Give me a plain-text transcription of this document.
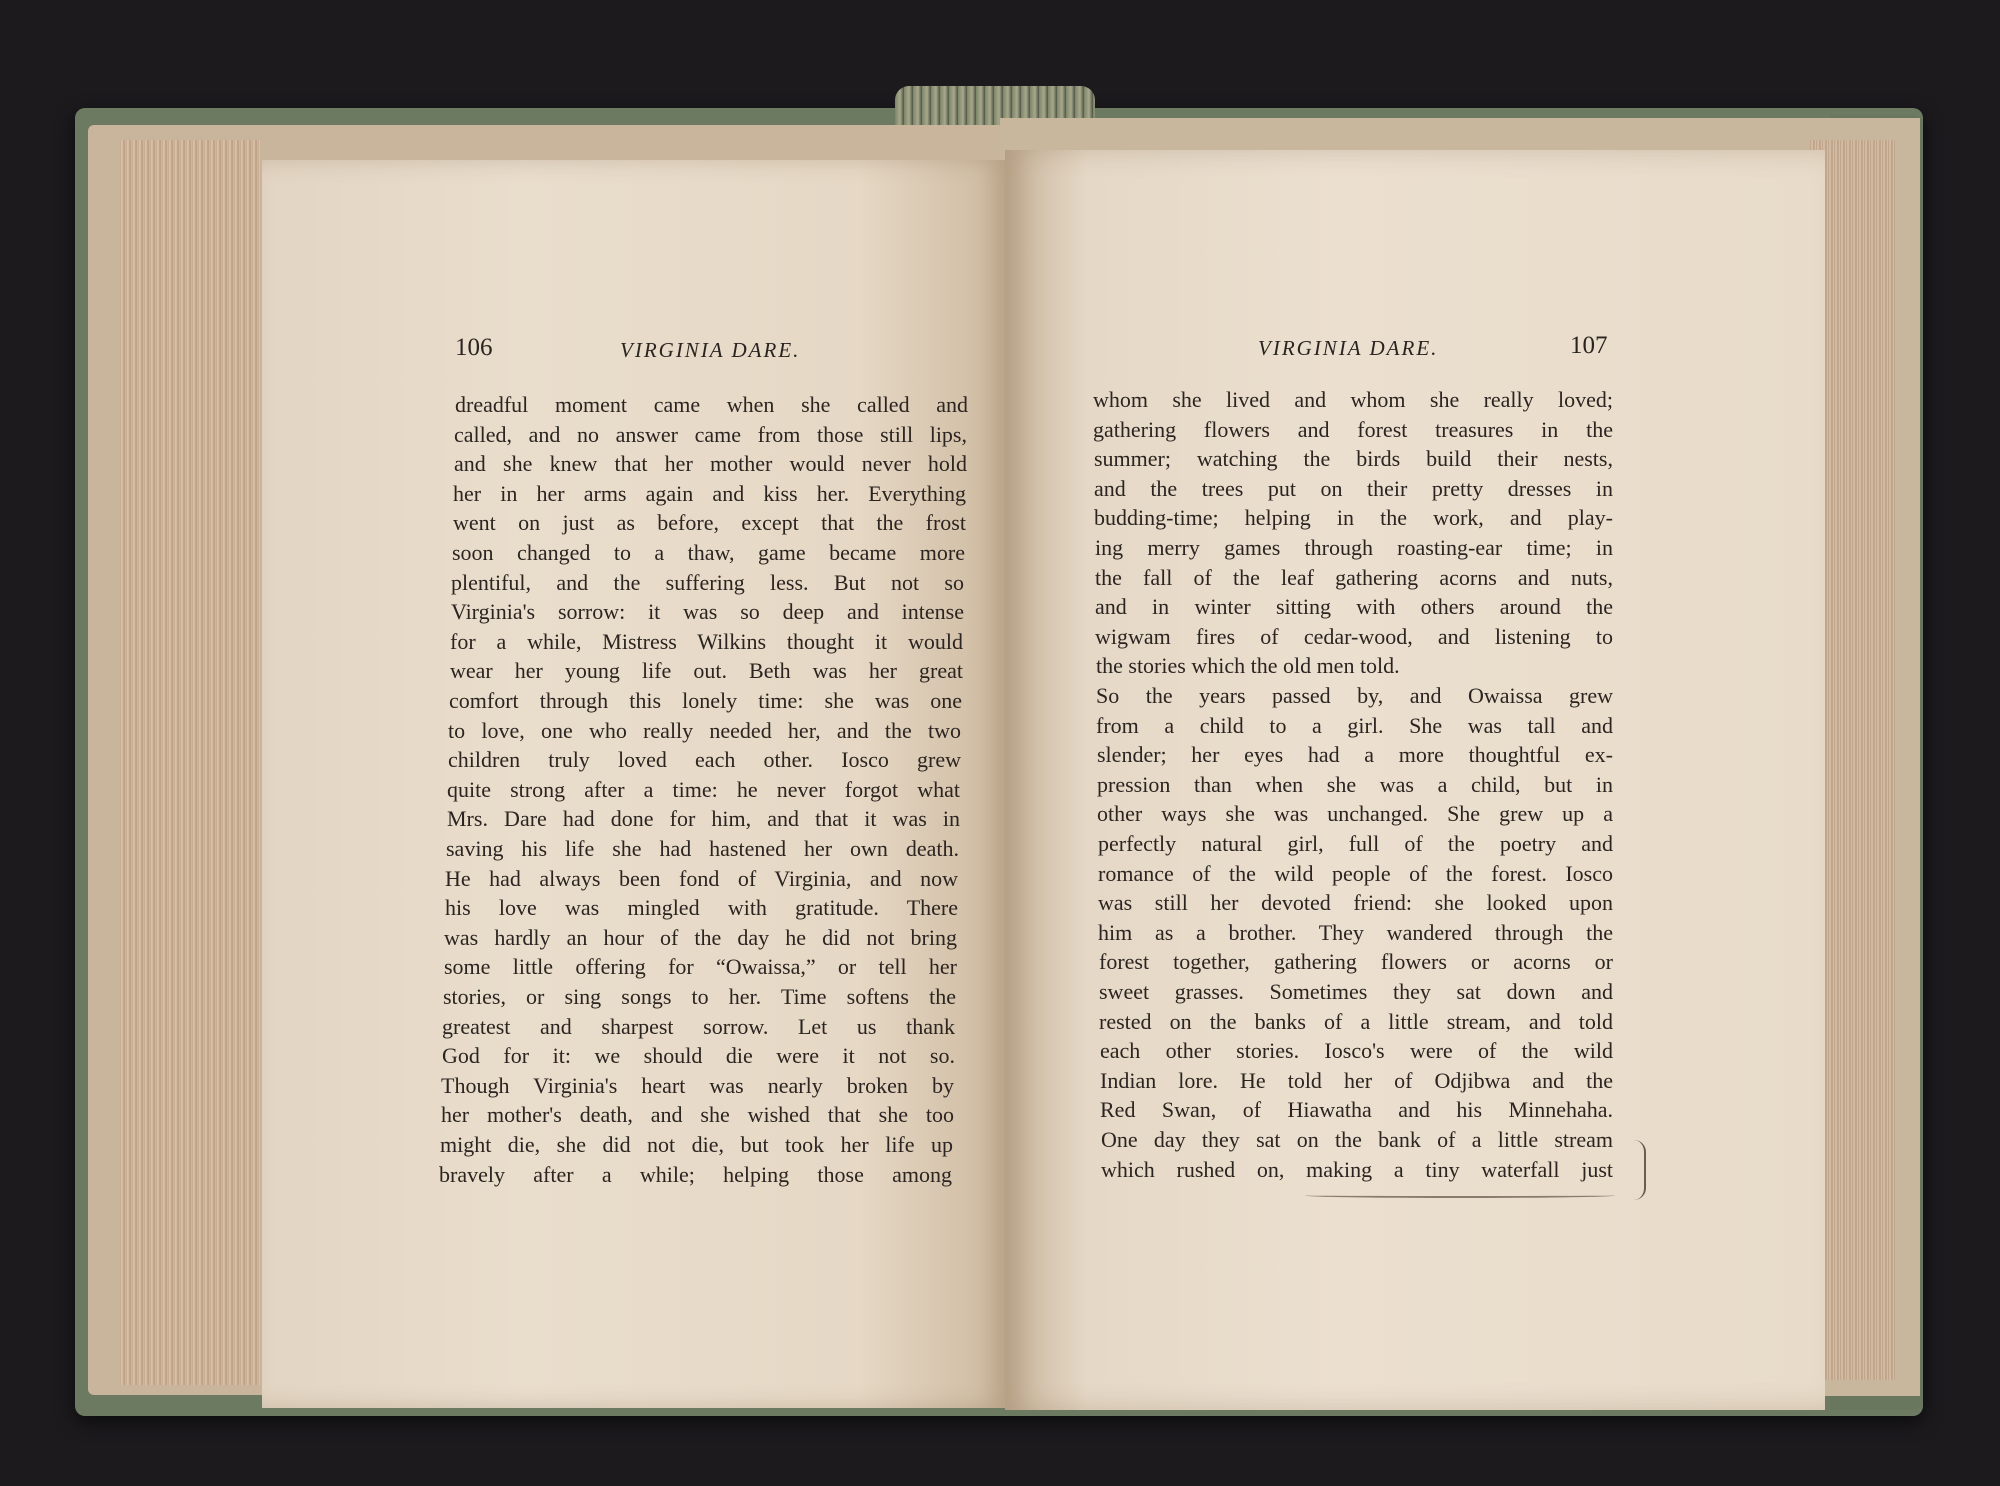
106	VIRGINIA DARE.	VIRGINIA DARE.	107
dreadful moment came when she called and
called, and no answer came from those still lips,
and she knew that her mother would never hold
her in her arms again and kiss her. Everything
went on just as before, except that the frost
soon changed to a thaw, game became more
plentiful, and the suffering less. But not so
Virginia's sorrow: it was so deep and intense
for a while, Mistress Wilkins thought it would
wear her young life out. Beth was her great
comfort through this lonely time: she was one
to love, one who really needed her, and the two
children truly loved each other. Iosco grew
quite strong after a time: he never forgot what
Mrs. Dare had done for him, and that it was in
saving his life she had hastened her own death.
He had always been fond of Virginia, and now
his love was mingled with gratitude. There
was hardly an hour of the day he did not bring
some little offering for “Owaissa,” or tell her
stories, or sing songs to her. Time softens the
greatest and sharpest sorrow. Let us thank
God for it: we should die were it not so.
Though Virginia's heart was nearly broken by
her mother's death, and she wished that she too
might die, she did not die, but took her life up
bravely after a while; helping those among
whom she lived and whom she really loved;
gathering flowers and forest treasures in the
summer; watching the birds build their nests,
and the trees put on their pretty dresses in
budding-time; helping in the work, and play-
ing merry games through roasting-ear time; in
the fall of the leaf gathering acorns and nuts,
and in winter sitting with others around the
wigwam fires of cedar-wood, and listening to
the stories which the old men told.
So the years passed by, and Owaissa grew
from a child to a girl. She was tall and
slender; her eyes had a more thoughtful ex-
pression than when she was a child, but in
other ways she was unchanged. She grew up a
perfectly natural girl, full of the poetry and
romance of the wild people of the forest. Iosco
was still her devoted friend: she looked upon
him as a brother. They wandered through the
forest together, gathering flowers or acorns or
sweet grasses. Sometimes they sat down and
rested on the banks of a little stream, and told
each other stories. Iosco's were of the wild
Indian lore. He told her of Odjibwa and the
Red Swan, of Hiawatha and his Minnehaha.
One day they sat on the bank of a little stream
which rushed on, making a tiny waterfall just
